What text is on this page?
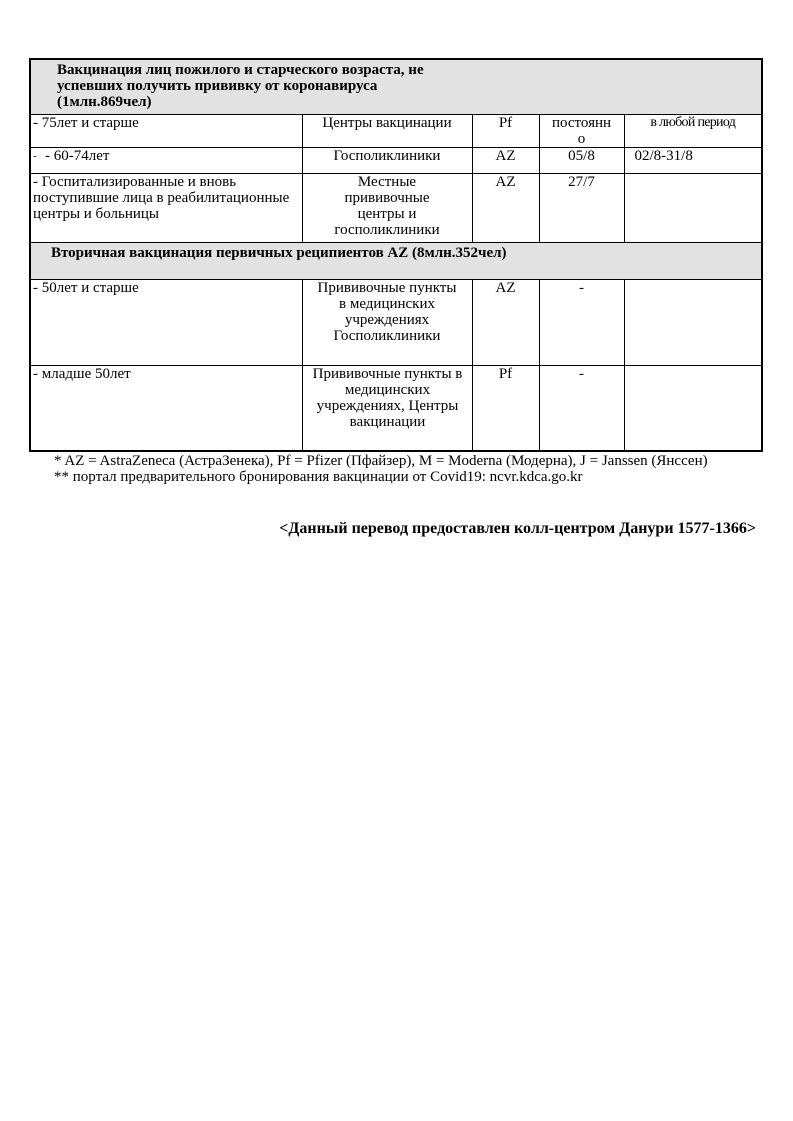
Вакцинация лиц пожилого и старческого возраста, не успевших получить прививку от коронавируса (1млн.869чел)				
- 75лет и старше	Центры вакцинации	Pf	постоянно	в любой период
- - 60-74лет	Госполиклиники	AZ	05/8	02/8-31/8
- Госпитализированные и вновь поступившие лица в реабилитационные центры и больницы	Местные прививочные центры и госполиклиники	AZ	27/7	
Вторичная вакцинация первичных реципиентов AZ (8млн.352чел)				
- 50лет и старше	Прививочные пункты в медицинских учреждениях Госполиклиники	AZ	-	
- младше 50лет	Прививочные пункты в медицинских учреждениях, Центры вакцинации	Pf	-	

* AZ = AstraZeneca (АстраЗенека), Pf = Pfizer (Пфайзер), M = Moderna (Модерна), J = Janssen (Янссен)

** портал предварительного бронирования вакцинации от Covid19: ncvr.kdca.go.kr

<Данный перевод предоставлен колл-центром Данури 1577-1366>
